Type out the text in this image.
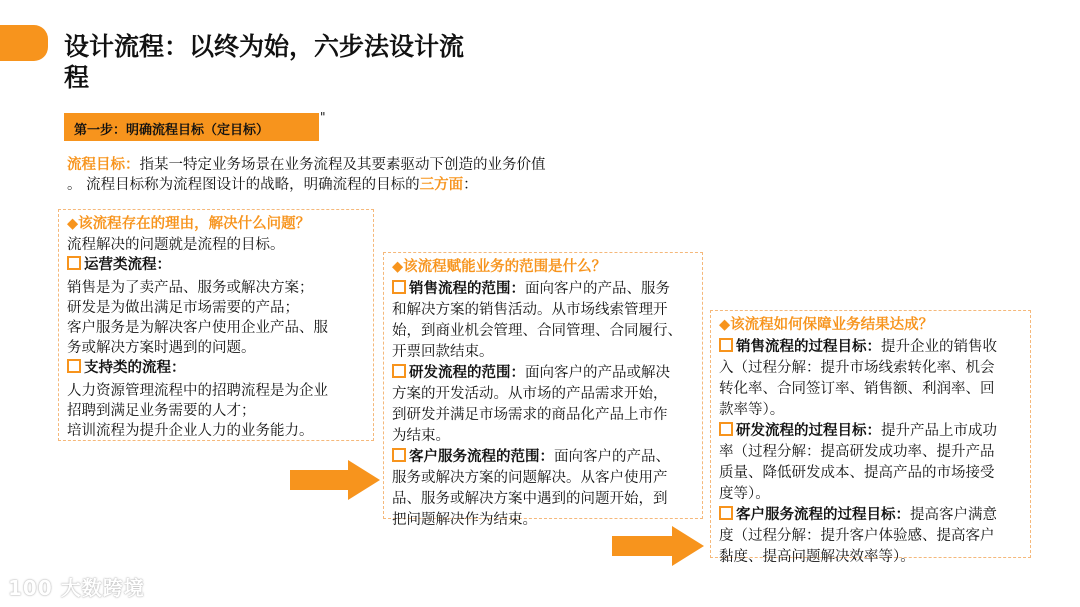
设计流程：以终为始，六步法设计流
程
第一步：明确流程目标（定目标）
"
流程目标：指某一特定业务场景在业务流程及其要素驱动下创造的业务价值
。 流程目标称为流程图设计的战略，明确流程的目标的三方面：
◆该流程存在的理由，解决什么问题？
流程解决的问题就是流程的目标。
运营类流程：
销售是为了卖产品、服务或解决方案；
研发是为做出满足市场需要的产品；
客户服务是为解决客户使用企业产品、服
务或解决方案时遇到的问题。
支持类的流程：
人力资源管理流程中的招聘流程是为企业
招聘到满足业务需要的人才；
培训流程为提升企业人力的业务能力。
◆该流程赋能业务的范围是什么？
销售流程的范围：面向客户的产品、服务
和解决方案的销售活动。从市场线索管理开
始，到商业机会管理、合同管理、合同履行、
开票回款结束。
研发流程的范围：面向客户的产品或解决
方案的开发活动。从市场的产品需求开始，
到研发并满足市场需求的商品化产品上市作
为结束。
客户服务流程的范围：面向客户的产品、
服务或解决方案的问题解决。从客户使用产
品、服务或解决方案中遇到的问题开始，到
把问题解决作为结束。
◆该流程如何保障业务结果达成？
销售流程的过程目标：提升企业的销售收
入（过程分解：提升市场线索转化率、机会
转化率、合同签订率、销售额、利润率、回
款率等）。
研发流程的过程目标：提升产品上市成功
率（过程分解：提高研发成功率、提升产品
质量、降低研发成本、提高产品的市场接受
度等）。
客户服务流程的过程目标：提高客户满意
度（过程分解：提升客户体验感、提高客户
黏度、提高问题解决效率等）。
100 大数跨境
